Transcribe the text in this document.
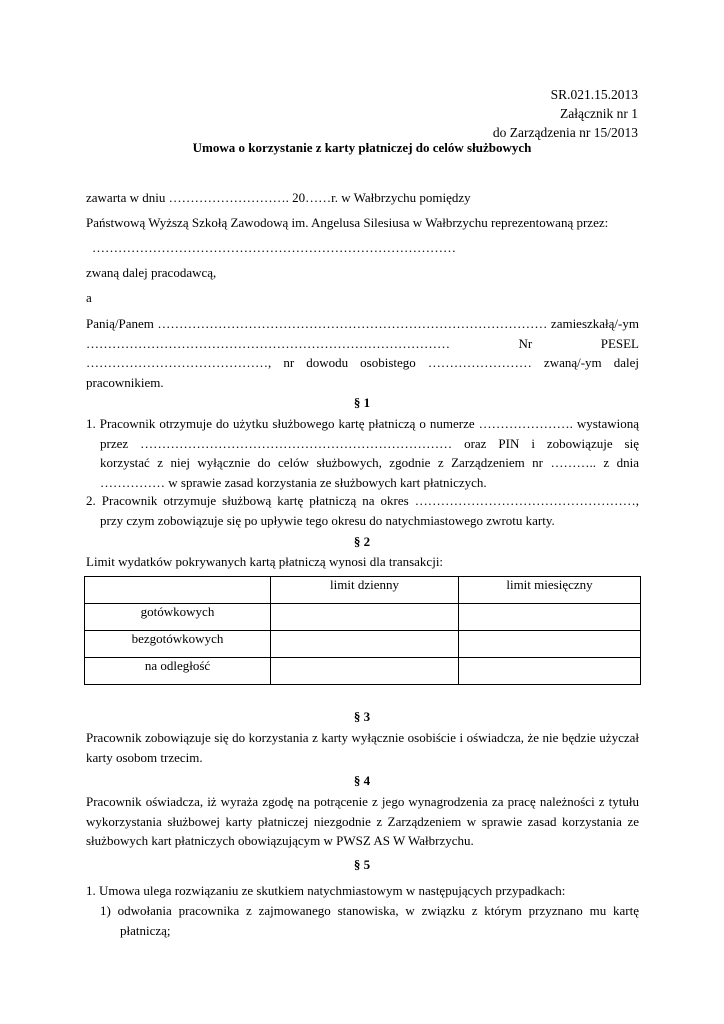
SR.021.15.2013
Załącznik nr 1
do Zarządzenia nr 15/2013
Umowa o korzystanie z karty płatniczej do celów służbowych
zawarta w dniu ………………………. 20……r. w Wałbrzychu pomiędzy
Państwową Wyższą Szkołą Zawodową im. Angelusa Silesiusa w Wałbrzychu reprezentowaną przez:
…………………………………………………………………………
zwaną dalej pracodawcą,
a
Panią/Panem ……………………………………………………………………………… zamieszkałą/-ym ………………………………………………………………………… Nr PESEL ……………………………………, nr dowodu osobistego …………………… zwaną/-ym dalej pracownikiem.
§ 1
1. Pracownik otrzymuje do użytku służbowego kartę płatniczą o numerze …………………. wystawioną przez ……………………………………………………………… oraz PIN i zobowiązuje się korzystać z niej wyłącznie do celów służbowych, zgodnie z Zarządzeniem nr ……….. z dnia …………… w sprawie zasad korzystania ze służbowych kart płatniczych.
2. Pracownik otrzymuje służbową kartę płatniczą na okres ……………………………………………, przy czym zobowiązuje się po upływie tego okresu do natychmiastowego zwrotu karty.
§ 2
Limit wydatków pokrywanych kartą płatniczą wynosi dla transakcji:
	limit dzienny	limit miesięczny
gotówkowych		
bezgotówkowych		
na odległość		
§ 3
Pracownik zobowiązuje się do korzystania z karty wyłącznie osobiście i oświadcza, że nie będzie użyczał karty osobom trzecim.
§ 4
Pracownik oświadcza, iż wyraża zgodę na potrącenie z jego wynagrodzenia za pracę należności z tytułu wykorzystania służbowej karty płatniczej niezgodnie z Zarządzeniem w sprawie zasad korzystania ze służbowych kart płatniczych obowiązującym w PWSZ AS W Wałbrzychu.
§ 5
1. Umowa ulega rozwiązaniu ze skutkiem natychmiastowym w następujących przypadkach:
1) odwołania pracownika z zajmowanego stanowiska, w związku z którym przyznano mu kartę płatniczą;
